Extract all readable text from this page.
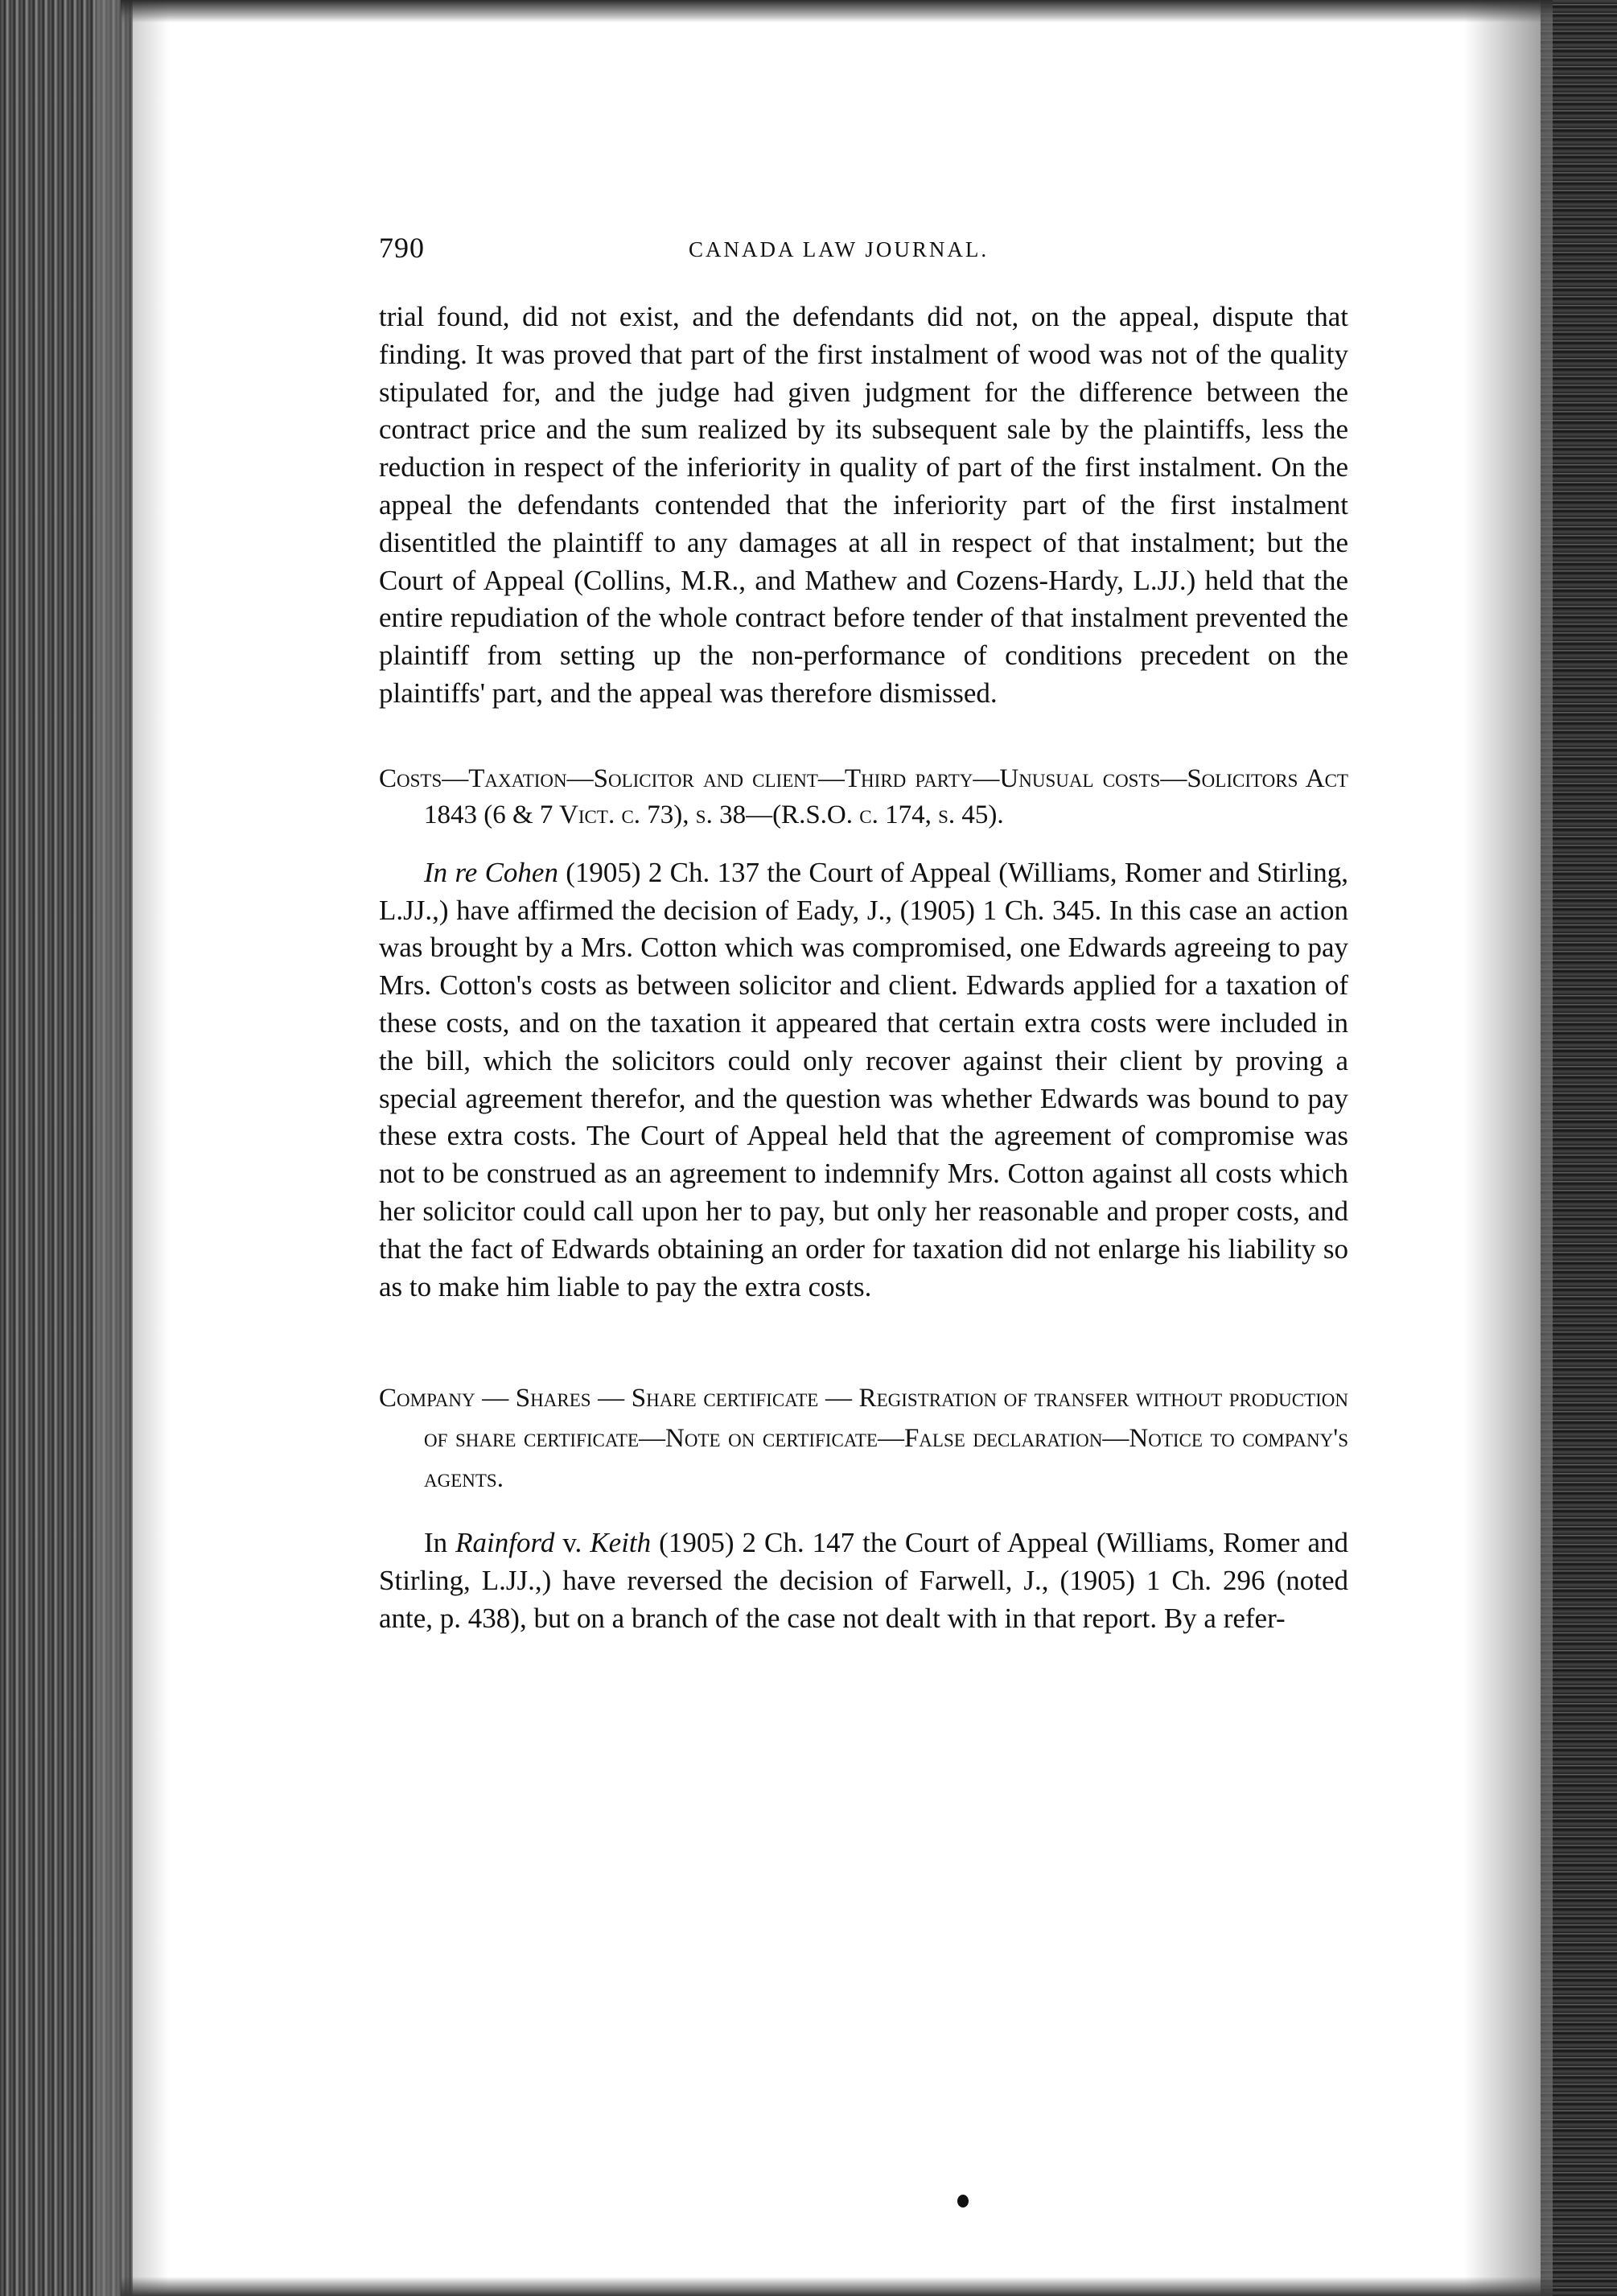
790	CANADA LAW JOURNAL.

trial found, did not exist, and the defendants did not, on the appeal, dispute that finding. It was proved that part of the first instalment of wood was not of the quality stipulated for, and the judge had given judgment for the difference between the contract price and the sum realized by its subsequent sale by the plaintiffs, less the reduction in respect of the inferiority in quality of part of the first instalment. On the appeal the defendants contended that the inferiority part of the first instalment disentitled the plaintiff to any damages at all in respect of that instalment; but the Court of Appeal (Collins, M.R., and Mathew and Cozens-Hardy, L.JJ.) held that the entire repudiation of the whole contract before tender of that instalment prevented the plaintiff from setting up the non-performance of conditions precedent on the plaintiffs' part, and the appeal was therefore dismissed.

Costs—Taxation—Solicitor and client—Third party—Unusual costs—Solicitors Act 1843 (6 & 7 Vict. c. 73), s. 38—(R.S.O. c. 174, s. 45).

In re Cohen (1905) 2 Ch. 137 the Court of Appeal (Williams, Romer and Stirling, L.JJ.,) have affirmed the decision of Eady, J., (1905) 1 Ch. 345. In this case an action was brought by a Mrs. Cotton which was compromised, one Edwards agreeing to pay Mrs. Cotton's costs as between solicitor and client. Edwards applied for a taxation of these costs, and on the taxation it appeared that certain extra costs were included in the bill, which the solicitors could only recover against their client by proving a special agreement therefor, and the question was whether Edwards was bound to pay these extra costs. The Court of Appeal held that the agreement of compromise was not to be construed as an agreement to indemnify Mrs. Cotton against all costs which her solicitor could call upon her to pay, but only her reasonable and proper costs, and that the fact of Edwards obtaining an order for taxation did not enlarge his liability so as to make him liable to pay the extra costs.

Company — Shares — Share certificate — Registration of transfer without production of share certificate—Note on certificate—False declaration—Notice to company's agents.

In Rainford v. Keith (1905) 2 Ch. 147 the Court of Appeal (Williams, Romer and Stirling, L.JJ.,) have reversed the decision of Farwell, J., (1905) 1 Ch. 296 (noted ante, p. 438), but on a branch of the case not dealt with in that report. By a refer-
